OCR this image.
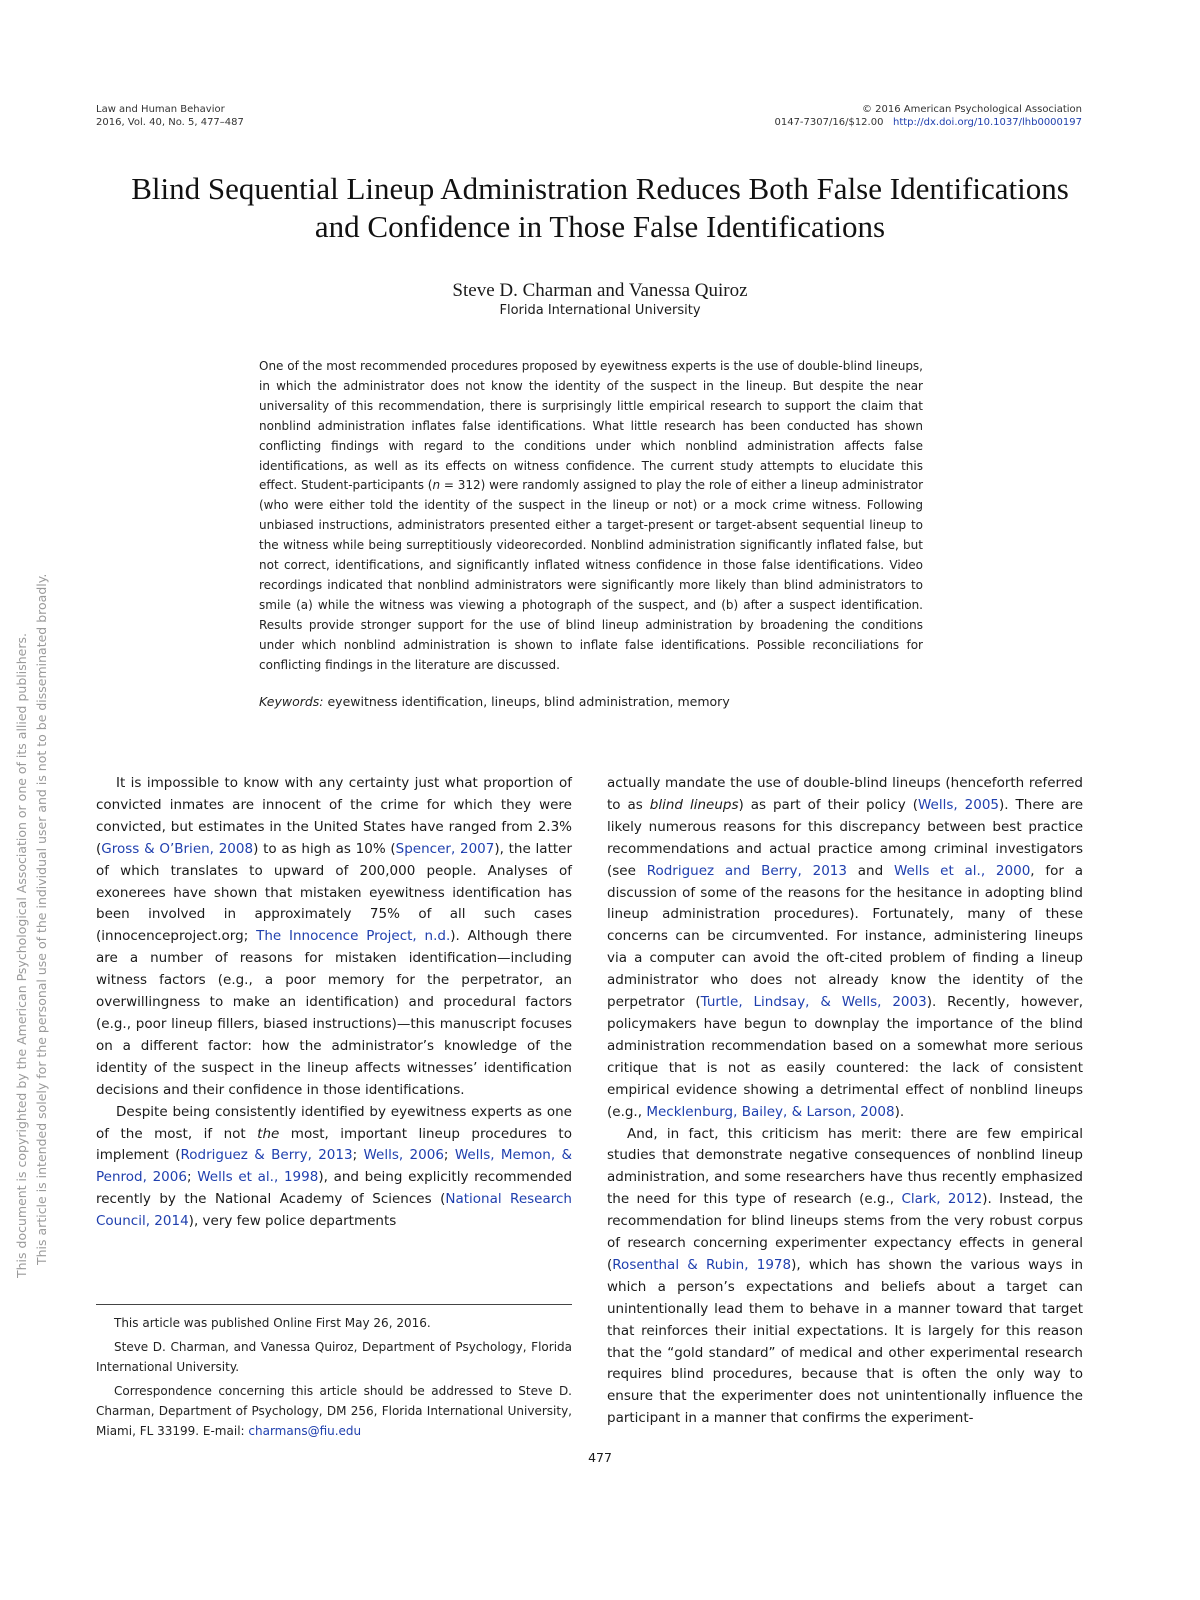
Law and Human Behavior
2016, Vol. 40, No. 5, 477–487
© 2016 American Psychological Association
0147-7307/16/$12.00 http://dx.doi.org/10.1037/lhb0000197
Blind Sequential Lineup Administration Reduces Both False Identifications
and Confidence in Those False Identifications
Steve D. Charman and Vanessa Quiroz
Florida International University
One of the most recommended procedures proposed by eyewitness experts is the use of double-blind lineups, in which the administrator does not know the identity of the suspect in the lineup. But despite the near universality of this recommendation, there is surprisingly little empirical research to support the claim that nonblind administration inflates false identifications. What little research has been conducted has shown conflicting findings with regard to the conditions under which nonblind administration affects false identifications, as well as its effects on witness confidence. The current study attempts to elucidate this effect. Student-participants (n = 312) were randomly assigned to play the role of either a lineup administrator (who were either told the identity of the suspect in the lineup or not) or a mock crime witness. Following unbiased instructions, administrators presented either a target-present or target-absent sequential lineup to the witness while being surreptitiously videorecorded. Nonblind administration significantly inflated false, but not correct, identifications, and significantly inflated witness confidence in those false identifications. Video recordings indicated that nonblind administrators were significantly more likely than blind administrators to smile (a) while the witness was viewing a photograph of the suspect, and (b) after a suspect identification. Results provide stronger support for the use of blind lineup administration by broadening the conditions under which nonblind administration is shown to inflate false identifications. Possible reconciliations for conflicting findings in the literature are discussed.
Keywords: eyewitness identification, lineups, blind administration, memory

It is impossible to know with any certainty just what proportion of convicted inmates are innocent of the crime for which they were convicted, but estimates in the United States have ranged from 2.3% (Gross & O’Brien, 2008) to as high as 10% (Spencer, 2007), the latter of which translates to upward of 200,000 people. Analyses of exonerees have shown that mistaken eyewitness identification has been involved in approximately 75% of all such cases (innocenceproject.org; The Innocence Project, n.d.). Although there are a number of reasons for mistaken identification—including witness factors (e.g., a poor memory for the perpetrator, an overwillingness to make an identification) and procedural factors (e.g., poor lineup fillers, biased instructions)—this manuscript focuses on a different factor: how the administrator’s knowledge of the identity of the suspect in the lineup affects witnesses’ identification decisions and their confidence in those identifications.

Despite being consistently identified by eyewitness experts as one of the most, if not the most, important lineup procedures to implement (Rodriguez & Berry, 2013; Wells, 2006; Wells, Memon, & Penrod, 2006; Wells et al., 1998), and being explicitly recommended recently by the National Academy of Sciences (National Research Council, 2014), very few police departments

actually mandate the use of double-blind lineups (henceforth referred to as blind lineups) as part of their policy (Wells, 2005). There are likely numerous reasons for this discrepancy between best practice recommendations and actual practice among criminal investigators (see Rodriguez and Berry, 2013 and Wells et al., 2000, for a discussion of some of the reasons for the hesitance in adopting blind lineup administration procedures). Fortunately, many of these concerns can be circumvented. For instance, administering lineups via a computer can avoid the oft-cited problem of finding a lineup administrator who does not already know the identity of the perpetrator (Turtle, Lindsay, & Wells, 2003). Recently, however, policymakers have begun to downplay the importance of the blind administration recommendation based on a somewhat more serious critique that is not as easily countered: the lack of consistent empirical evidence showing a detrimental effect of nonblind lineups (e.g., Mecklenburg, Bailey, & Larson, 2008).

And, in fact, this criticism has merit: there are few empirical studies that demonstrate negative consequences of nonblind lineup administration, and some researchers have thus recently emphasized the need for this type of research (e.g., Clark, 2012). Instead, the recommendation for blind lineups stems from the very robust corpus of research concerning experimenter expectancy effects in general (Rosenthal & Rubin, 1978), which has shown the various ways in which a person’s expectations and beliefs about a target can unintentionally lead them to behave in a manner toward that target that reinforces their initial expectations. It is largely for this reason that the “gold standard” of medical and other experimental research requires blind procedures, because that is often the only way to ensure that the experimenter does not unintentionally influence the participant in a manner that confirms the experiment-

This article was published Online First May 26, 2016.

Steve D. Charman, and Vanessa Quiroz, Department of Psychology, Florida International University.

Correspondence concerning this article should be addressed to Steve D. Charman, Department of Psychology, DM 256, Florida International University, Miami, FL 33199. E-mail: charmans@fiu.edu

477
This document is copyrighted by the American Psychological Association or one of its allied publishers. This article is intended solely for the personal use of the individual user and is not to be disseminated broadly.
